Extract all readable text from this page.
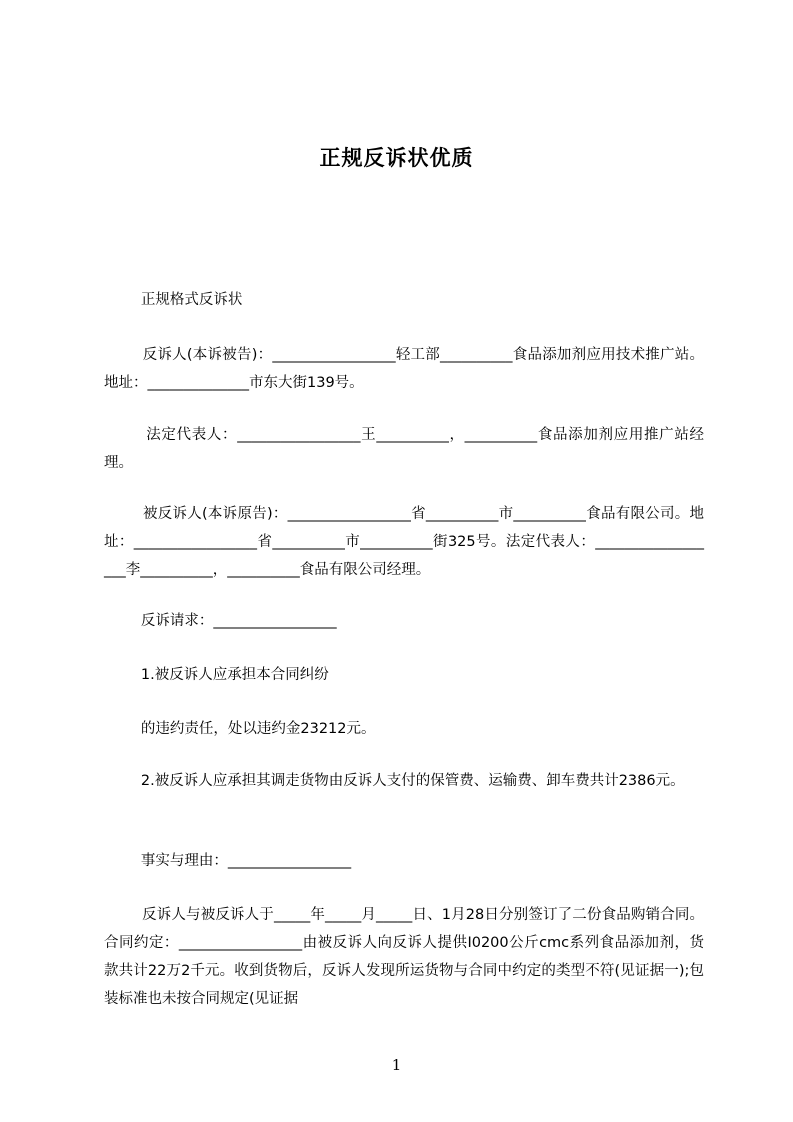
正规反诉状优质
正规格式反诉状
反诉人(本诉被告)：_________________轻工部__________食品添加剂应用技术推广站。地址：______________市东大街139号。
法定代表人：_________________王__________，__________食品添加剂应用推广站经理。
被反诉人(本诉原告)：_________________省__________市__________食品有限公司。地址：_________________省__________市__________街325号。法定代表人：__________________李__________，__________食品有限公司经理。
反诉请求：_________________
1.被反诉人应承担本合同纠纷
的违约责任，处以违约金23212元。
2.被反诉人应承担其调走货物由反诉人支付的保管费、运输费、卸车费共计2386元。
事实与理由：_________________
反诉人与被反诉人于_____年_____月_____日、1月28日分别签订了二份食品购销合同。合同约定：_________________由被反诉人向反诉人提供I0200公斤cmc系列食品添加剂，货款共计22万2千元。收到货物后，反诉人发现所运货物与合同中约定的类型不符(见证据一);包装标准也未按合同规定(见证据
1
